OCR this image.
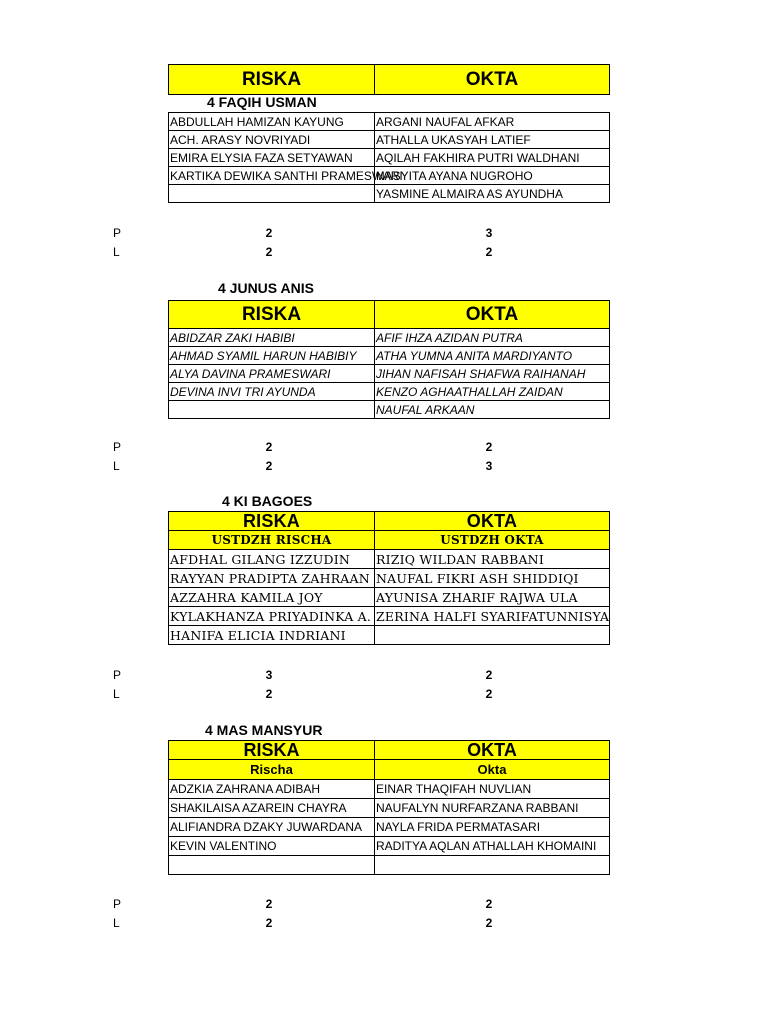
RISKA	OKTA
4 FAQIH USMAN
ABDULLAH HAMIZAN KAYUNG	ARGANI NAUFAL AFKAR
ACH. ARASY NOVRIYADI	ATHALLA UKASYAH LATIEF
EMIRA ELYSIA FAZA SETYAWAN	AQILAH FAKHIRA PUTRI WALDHANI
KARTIKA DEWIKA SANTHI PRAMESWARI	NASYITA AYANA NUGROHO
	YASMINE ALMAIRA AS AYUNDHA
P	2	3
L	2	2
4 JUNUS ANIS
RISKA	OKTA
ABIDZAR ZAKI HABIBI	AFIF IHZA AZIDAN PUTRA
AHMAD SYAMIL HARUN HABIBIY	ATHA YUMNA ANITA MARDIYANTO
ALYA DAVINA PRAMESWARI	JIHAN NAFISAH SHAFWA RAIHANAH
DEVINA INVI TRI AYUNDA	KENZO AGHAATHALLAH ZAIDAN
	NAUFAL ARKAAN
P	2	2
L	2	3
4 KI BAGOES
RISKA	OKTA
USTDZH RISCHA	USTDZH OKTA
AFDHAL GILANG IZZUDIN	RIZIQ WILDAN RABBANI
RAYYAN PRADIPTA ZAHRAAN	NAUFAL FIKRI ASH SHIDDIQI
AZZAHRA KAMILA JOY	AYUNISA ZHARIF RAJWA ULA
KYLAKHANZA PRIYADINKA A.	ZERINA HALFI SYARIFATUNNISYA
HANIFA ELICIA INDRIANI	
P	3	2
L	2	2
4 MAS MANSYUR
RISKA	OKTA
Rischa	Okta
ADZKIA ZAHRANA ADIBAH	EINAR THAQIFAH NUVLIAN
SHAKILAISA AZAREIN CHAYRA	NAUFALYN NURFARZANA RABBANI
ALIFIANDRA DZAKY JUWARDANA	NAYLA FRIDA PERMATASARI
KEVIN VALENTINO	RADITYA AQLAN ATHALLAH KHOMAINI

P	2	2
L	2	2
